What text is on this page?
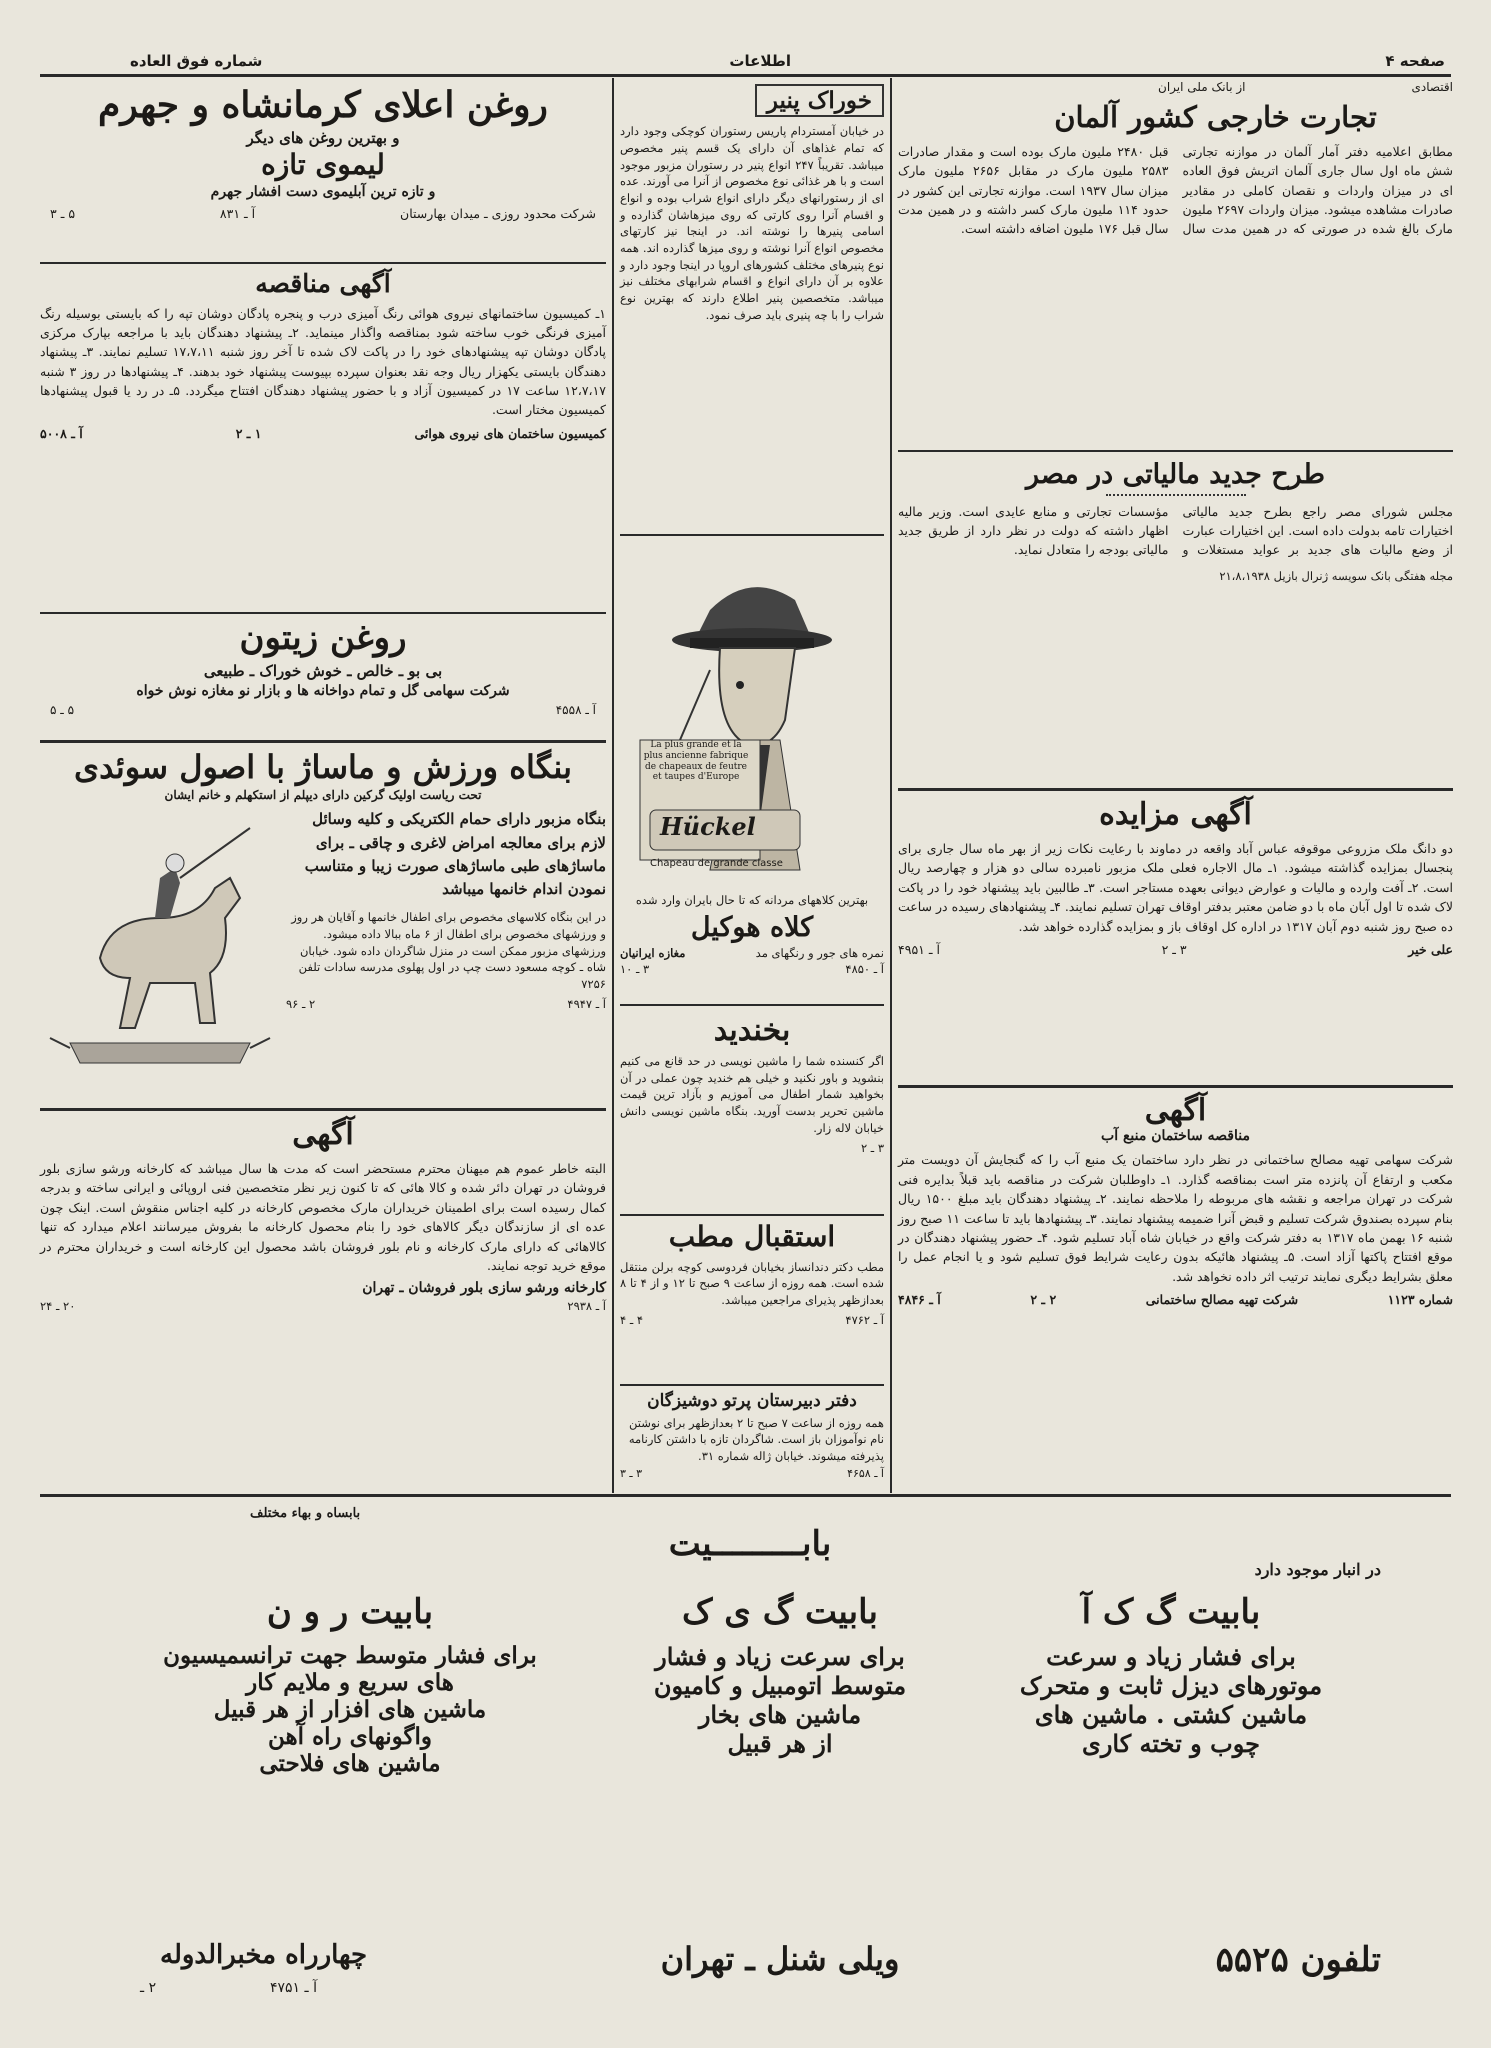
صفحه ۴
اطلاعات
شماره فوق العاده
اقتصادی
از بانک ملی ایران
تجارت خارجی کشور آلمان
مطابق اعلامیه دفتر آمار آلمان در موازنه تجارتی شش ماه اول سال جاری آلمان اتریش فوق العاده ای در میزان واردات و نقصان کاملی در مقادیر صادرات مشاهده میشود. میزان واردات ۲۶۹۷ ملیون مارک بالغ شده در صورتی که در همین مدت سال قبل ۲۴۸۰ ملیون مارک بوده است و مقدار صادرات ۲۵۸۳ ملیون مارک در مقابل ۲۶۵۶ ملیون مارک میزان سال ۱۹۳۷ است. موازنه تجارتی این کشور در حدود ۱۱۴ ملیون مارک کسر داشته و در همین مدت سال قبل ۱۷۶ ملیون اضافه داشته است.
طرح جدید مالیاتی در مصر
مجلس شورای مصر راجع بطرح جدید مالیاتی اختیارات تامه بدولت داده است. این اختیارات عبارت از وضع مالیات های جدید بر عواید مستغلات و مؤسسات تجارتی و منابع عایدی است. وزیر مالیه اظهار داشته که دولت در نظر دارد از طریق جدید مالیاتی بودجه را متعادل نماید.
مجله هفتگی بانک سویسه ژنرال بازیل ۲۱،۸،۱۹۳۸
آگهی مزایده
دو دانگ ملک مزروعی موقوفه عباس آباد واقعه در دماوند با رعایت نکات زیر از بهر ماه سال جاری برای پنجسال بمزایده گذاشته میشود. ۱ـ مال الاجاره فعلی ملک مزبور نامبرده سالی دو هزار و چهارصد ریال است. ۲ـ آفت وارده و مالیات و عوارض دیوانی بعهده مستاجر است. ۳ـ طالبین باید پیشنهاد خود را در پاکت لاک شده تا اول آبان ماه با دو ضامن معتبر بدفتر اوقاف تهران تسلیم نمایند. ۴ـ پیشنهادهای رسیده در ساعت ده صبح روز شنبه دوم آبان ۱۳۱۷ در اداره کل اوقاف باز و بمزایده گذارده خواهد شد.
علی خیر
۳ ـ ۲
آ ـ ۴۹۵۱
آگهی
مناقصه ساختمان منبع آب
شرکت سهامی تهیه مصالح ساختمانی در نظر دارد ساختمان یک منبع آب را که گنجایش آن دویست متر مکعب و ارتفاع آن پانزده متر است بمناقصه گذارد. ۱ـ داوطلبان شرکت در مناقصه باید قبلاً بدایره فنی شرکت در تهران مراجعه و نقشه های مربوطه را ملاحظه نمایند. ۲ـ پیشنهاد دهندگان باید مبلغ ۱۵۰۰ ریال بنام سپرده بصندوق شرکت تسلیم و قبض آنرا ضمیمه پیشنهاد نمایند. ۳ـ پیشنهادها باید تا ساعت ۱۱ صبح روز شنبه ۱۶ بهمن ماه ۱۳۱۷ به دفتر شرکت واقع در خیابان شاه آباد تسلیم شود. ۴ـ حضور پیشنهاد دهندگان در موقع افتتاح پاکتها آزاد است. ۵ـ پیشنهاد هائیکه بدون رعایت شرایط فوق تسلیم شود و یا انجام عمل را معلق بشرایط دیگری نمایند ترتیب اثر داده نخواهد شد.
شماره ۱۱۲۳
شرکت تهیه مصالح ساختمانی
۲ ـ ۲
آ ـ ۴۸۴۶
خوراک پنیر
در خیابان آمستردام پاریس رستوران کوچکی وجود دارد که تمام غذاهای آن دارای یک قسم پنیر مخصوص میباشد. تقریباً ۲۴۷ انواع پنیر در رستوران مزبور موجود است و با هر غذائی نوع مخصوص از آنرا می آورند. عده ای از رستورانهای دیگر دارای انواع شراب بوده و انواع و اقسام آنرا روی کارتی که روی میزهاشان گذارده و اسامی پنیرها را نوشته اند. در اینجا نیز کارتهای مخصوص انواع آنرا نوشته و روی میزها گذارده اند. همه نوع پنیرهای مختلف کشورهای اروپا در اینجا وجود دارد و علاوه بر آن دارای انواع و اقسام شرابهای مختلف نیز میباشد. متخصصین پنیر اطلاع دارند که بهترین نوع شراب را با چه پنیری باید صرف نمود.
La plus grande et la plus ancienne fabrique de chapeaux de feutre et taupes d'Europe
Hückel
Chapeau de grande classe
بهترین کلاههای مردانه که تا حال بایران وارد شده
کلاه هوکیل
نمره های جور و رنگهای مد
مغازه ایرانیان
آ ـ ۴۸۵۰
۳ ـ ۱۰
بخندید
اگر کنسنده شما را ماشین نویسی در حد قانع می کنیم بنشوید و باور نکنید و خیلی هم خندید چون عملی در آن بخواهید شمار اطفال می آموزیم و بآزاد ترین قیمت ماشین تحریر بدست آورید. بنگاه ماشین نویسی دانش خیابان لاله زار.
۳ ـ ۲
استقبال مطب
مطب دکتر دندانساز بخیابان فردوسی کوچه برلن منتقل شده است. همه روزه از ساعت ۹ صبح تا ۱۲ و از ۴ تا ۸ بعدازظهر پذیرای مراجعین میباشد.
آ ـ ۴۷۶۲
۴ ـ ۴
دفتر دبیرستان پرتو دوشیزگان
همه روزه از ساعت ۷ صبح تا ۲ بعدازظهر برای نوشتن نام نوآموزان باز است. شاگردان تازه با داشتن کارنامه پذیرفته میشوند. خیابان ژاله شماره ۳۱.
آ ـ ۴۶۵۸
۳ ـ ۳
روغن اعلای کرمانشاه و جهرم
و بهترین روغن های دیگر
لیموی تازه
و تازه ترین آبلیموی دست افشار جهرم
شرکت محدود روزی ـ میدان بهارستان
آ ـ ۸۳۱
۵ ـ ۳
آگهی مناقصه
۱ـ کمیسیون ساختمانهای نیروی هوائی رنگ آمیزی درب و پنجره پادگان دوشان تپه را که بایستی بوسیله رنگ آمیزی فرنگی خوب ساخته شود بمناقصه واگذار مینماید. ۲ـ پیشنهاد دهندگان باید با مراجعه بپارک مرکزی پادگان دوشان تپه پیشنهادهای خود را در پاکت لاک شده تا آخر روز شنبه ۱۷،۷،۱۱ تسلیم نمایند. ۳ـ پیشنهاد دهندگان بایستی یکهزار ریال وجه نقد بعنوان سپرده بپیوست پیشنهاد خود بدهند. ۴ـ پیشنهادها در روز ۳ شنبه ۱۲،۷،۱۷ ساعت ۱۷ در کمیسیون آزاد و با حضور پیشنهاد دهندگان افتتاح میگردد. ۵ـ در رد یا قبول پیشنهادها کمیسیون مختار است.
کمیسیون ساختمان های نیروی هوائی
۱ ـ ۲
آ ـ ۵۰۰۸
روغن زیتون
بی بو ـ خالص ـ خوش خوراک ـ طبیعی
شرکت سهامی گل و تمام دواخانه ها و بازار نو مغازه نوش خواه
آ ـ ۴۵۵۸
۵ ـ ۵
بنگاه ورزش و ماساژ با اصول سوئدی
تحت ریاست اولیک گرکین دارای دیپلم از استکهلم و خانم ایشان
بنگاه مزبور دارای حمام الکتریکی و کلیه وسائل لازم برای معالجه امراض لاغری و چاقی ـ برای ماساژهای طبی ماساژهای صورت زیبا و متناسب نمودن اندام خانمها میباشد
در این بنگاه کلاسهای مخصوص برای اطفال خانمها و آقایان هر روز و ورزشهای مخصوص برای اطفال از ۶ ماه ببالا داده میشود. ورزشهای مزبور ممکن است در منزل شاگردان داده شود. خیابان شاه ـ کوچه مسعود دست چپ در اول پهلوی مدرسه سادات تلفن ۷۲۵۶
آ ـ ۴۹۴۷
۲ ـ ۹۶
آگهی
البته خاطر عموم هم میهنان محترم مستحضر است که مدت ها سال میباشد که کارخانه ورشو سازی بلور فروشان در تهران دائر شده و کالا هائی که تا کنون زیر نظر متخصصین فنی اروپائی و ایرانی ساخته و بدرجه کمال رسیده است برای اطمینان خریداران مارک مخصوص کارخانه در کلیه اجناس منقوش است. اینک چون عده ای از سازندگان دیگر کالاهای خود را بنام محصول کارخانه ما بفروش میرسانند اعلام میدارد که تنها کالاهائی که دارای مارک کارخانه و نام بلور فروشان باشد محصول این کارخانه است و خریداران محترم در موقع خرید توجه نمایند.
کارخانه ورشو سازی بلور فروشان ـ تهران
آ ـ ۲۹۳۸
۲۰ ـ ۲۴
بابساه و بهاء مختلف
بابـــــــــیت
در انبار موجود دارد
بابیت گ ک آ
برای فشار زیاد و سرعت
موتورهای دیزل ثابت و متحرک
ماشین کشتی . ماشین های
چوب و تخته کاری
بابیت گ ی ک
برای سرعت زیاد و فشار
متوسط اتومبیل و کامیون
ماشین های بخار
از هر قبیل
بابیت ر و ن
برای فشار متوسط جهت ترانسمیسیون
های سریع و ملایم کار
ماشین های افزار از هر قبیل
واگونهای راه آهن
ماشین های فلاحتی
تلفون ۵۵۲۵
ویلی شنل ـ تهران
چهارراه مخبرالدوله
آ ـ ۴۷۵۱
۲ ـ
